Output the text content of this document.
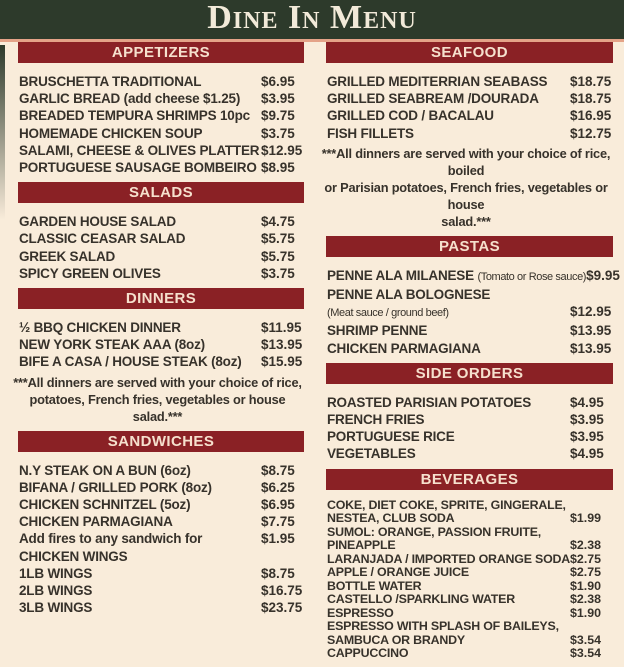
Dine In Menu
APPETIZERS
BRUSCHETTA TRADITIONAL	$6.95
GARLIC BREAD (add cheese $1.25)	$3.95
BREADED TEMPURA SHRIMPS 10pc $9.75
HOMEMADE CHICKEN SOUP	$3.75
SALAMI, CHEESE & OLIVES PLATTER $12.95
PORTUGUESE SAUSAGE BOMBEIRO $8.95
SALADS
GARDEN HOUSE SALAD	$4.75
CLASSIC CEASAR SALAD	$5.75
GREEK SALAD	$5.75
SPICY GREEN OLIVES	$3.75
DINNERS
½ BBQ CHICKEN DINNER	$11.95
NEW YORK STEAK AAA (8oz)	$13.95
BIFE A CASA / HOUSE STEAK (8oz)	$15.95
***All dinners are served with your choice of rice,
potatoes, French fries, vegetables or house salad.***
SANDWICHES
N.Y STEAK ON A BUN (6oz)	$8.75
BIFANA / GRILLED PORK (8oz)	$6.25
CHICKEN SCHNITZEL (5oz)	$6.95
CHICKEN PARMAGIANA	$7.75
Add fires to any sandwich for	$1.95
CHICKEN WINGS
1LB WINGS	$8.75
2LB WINGS	$16.75
3LB WINGS	$23.75
SEAFOOD
GRILLED MEDITERRIAN SEABASS	$18.75
GRILLED SEABREAM /DOURADA	$18.75
GRILLED COD / BACALAU	$16.95
FISH FILLETS	$12.75
***All dinners are served with your choice of rice, boiled
or Parisian potatoes, French fries, vegetables or house
salad.***
PASTAS
PENNE ALA MILANESE (Tomato or Rose sauce) $9.95
PENNE ALA BOLOGNESE
(Meat sauce / ground beef)	$12.95
SHRIMP PENNE	$13.95
CHICKEN PARMAGIANA	$13.95
SIDE ORDERS
ROASTED PARISIAN POTATOES	$4.95
FRENCH FRIES	$3.95
PORTUGUESE RICE	$3.95
VEGETABLES	$4.95
BEVERAGES
COKE, DIET COKE, SPRITE, GINGERALE,
NESTEA, CLUB SODA	$1.99
SUMOL: ORANGE, PASSION FRUITE,
PINEAPPLE	$2.38
LARANJADA / IMPORTED ORANGE SODA $2.75
APPLE / ORANGE JUICE	$2.75
BOTTLE WATER	$1.90
CASTELLO /SPARKLING WATER	$2.38
ESPRESSO	$1.90
ESPRESSO WITH SPLASH OF BAILEYS,
SAMBUCA OR BRANDY	$3.54
CAPPUCCINO	$3.54
